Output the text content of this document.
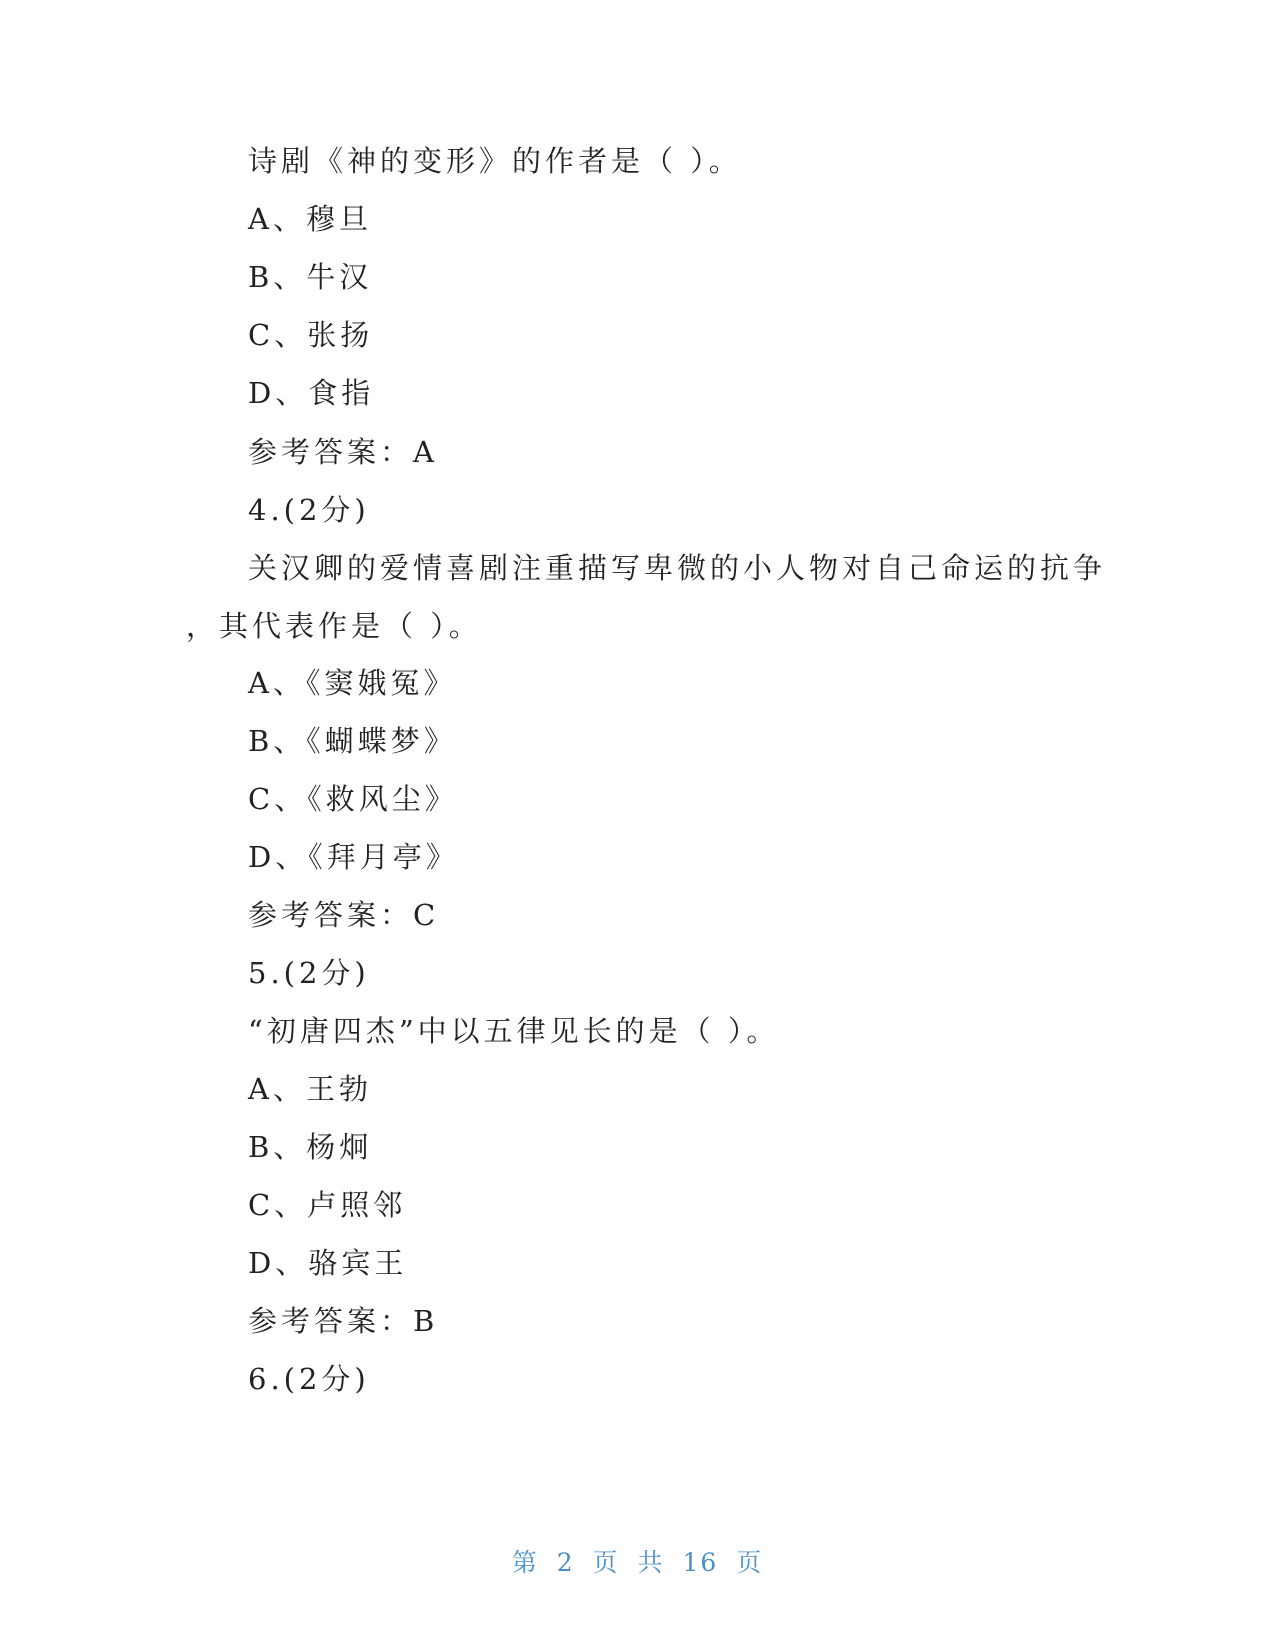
诗剧《神的变形》的作者是（ ）。
A、穆旦
B、牛汉
C、张扬
D、食指
参考答案：A
4.(2分)
关汉卿的爱情喜剧注重描写卑微的小人物对自己命运的抗争
，其代表作是（ ）。
A、《窦娥冤》
B、《蝴蝶梦》
C、《救风尘》
D、《拜月亭》
参考答案：C
5.(2分)
“初唐四杰”中以五律见长的是（ ）。
A、王勃
B、杨炯
C、卢照邻
D、骆宾王
参考答案：B
6.(2分)
第 2 页 共 16 页
